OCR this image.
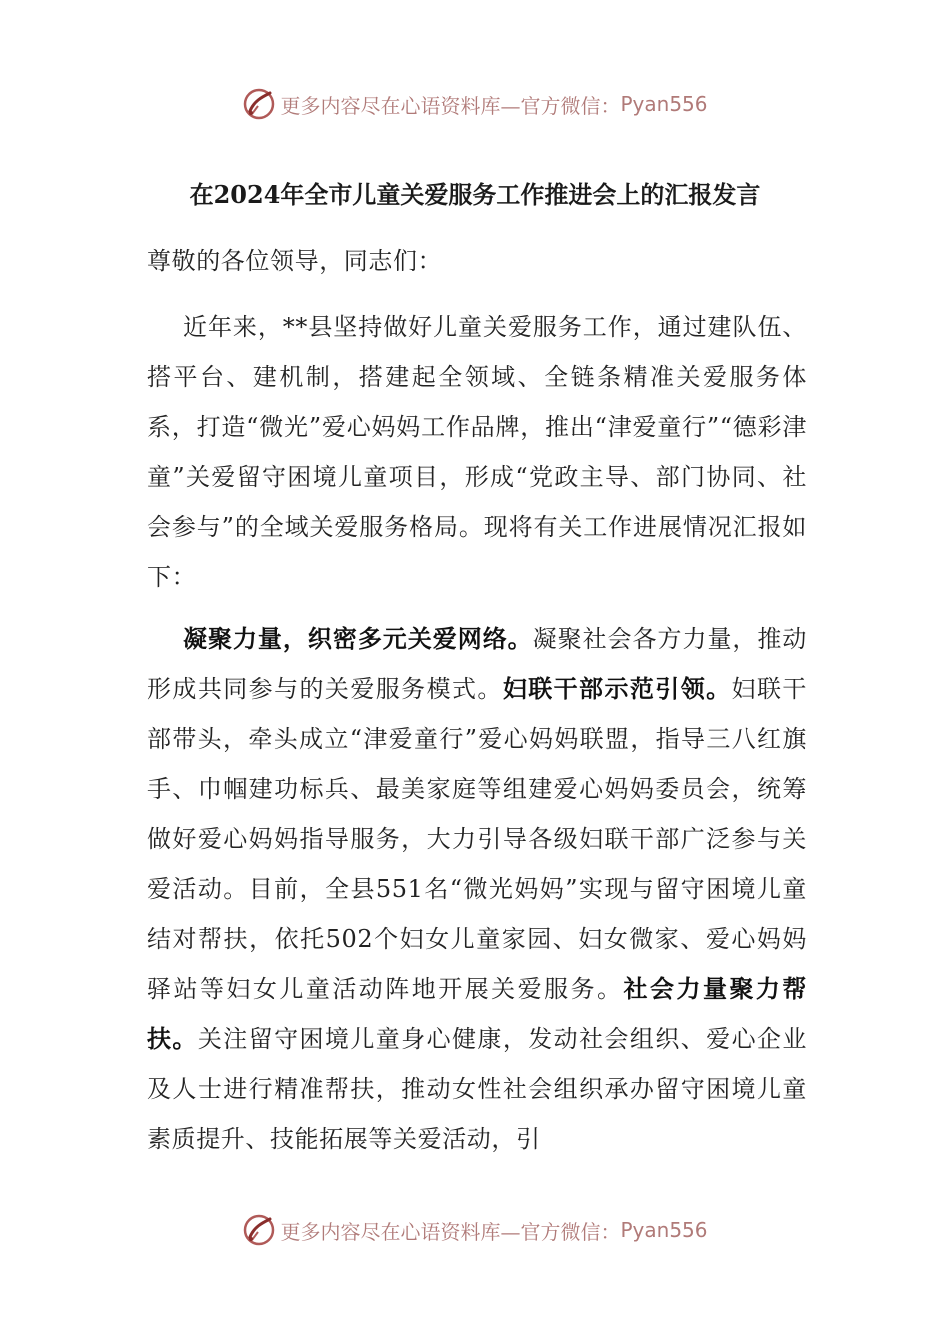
更多内容尽在心语资料库—官方微信： Pyan556
在2024年全市儿童关爱服务工作推进会上的汇报发言

尊敬的各位领导，同志们：

近年来，**县坚持做好儿童关爱服务工作，通过建队伍、搭平台、建机制，搭建起全领域、全链条精准关爱服务体系，打造“微光”爱心妈妈工作品牌，推出“津爱童行”“德彩津童”关爱留守困境儿童项目，形成“党政主导、部门协同、社会参与”的全域关爱服务格局。现将有关工作进展情况汇报如下：

凝聚力量，织密多元关爱网络。凝聚社会各方力量，推动形成共同参与的关爱服务模式。妇联干部示范引领。妇联干部带头，牵头成立“津爱童行”爱心妈妈联盟，指导三八红旗手、巾帼建功标兵、最美家庭等组建爱心妈妈委员会，统筹做好爱心妈妈指导服务，大力引导各级妇联干部广泛参与关爱活动。目前，全县551名“微光妈妈”实现与留守困境儿童结对帮扶，依托502个妇女儿童家园、妇女微家、爱心妈妈驿站等妇女儿童活动阵地开展关爱服务。社会力量聚力帮扶。关注留守困境儿童身心健康，发动社会组织、爱心企业及人士进行精准帮扶，推动女性社会组织承办留守困境儿童素质提升、技能拓展等关爱活动，引

更多内容尽在心语资料库—官方微信： Pyan556
